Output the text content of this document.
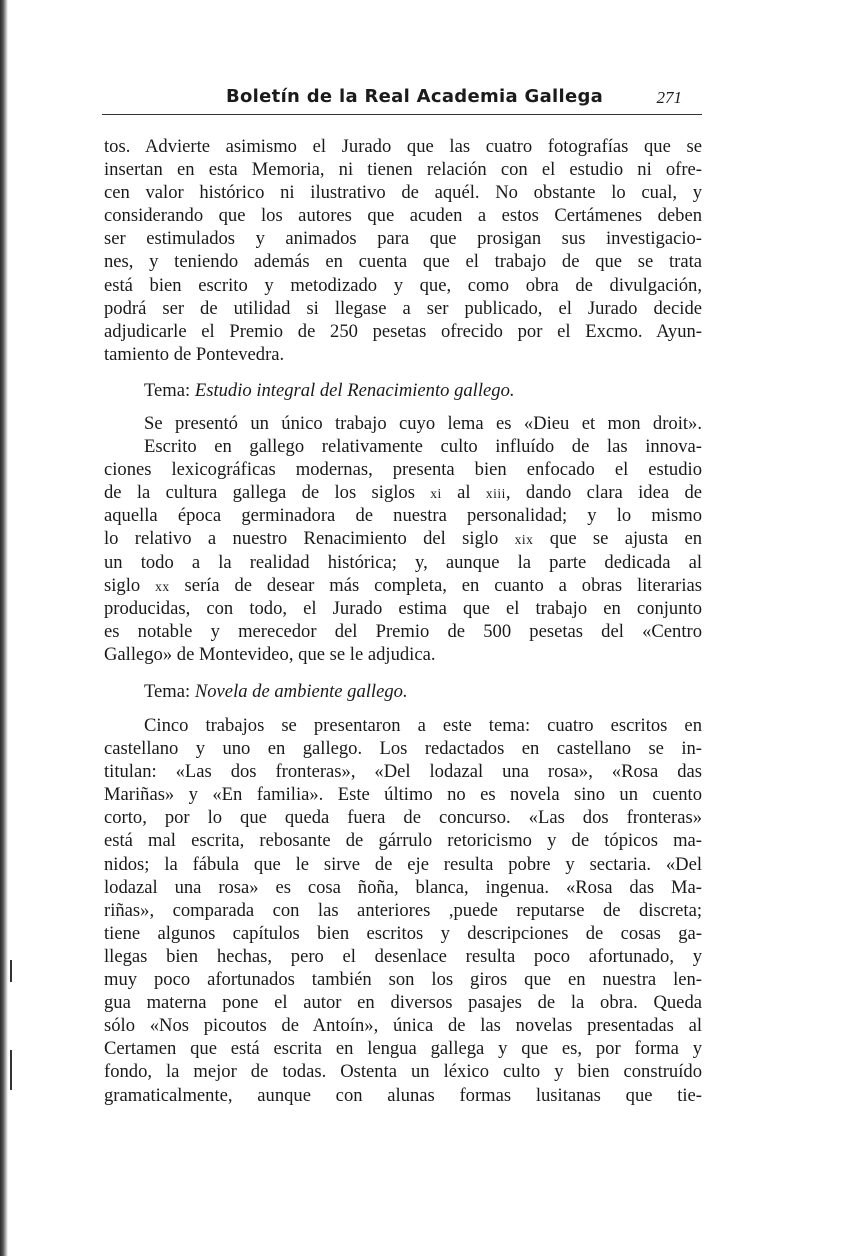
Boletín de la Real Academia Gallega	271
tos. Advierte asimismo el Jurado que las cuatro fotografías que se
insertan en esta Memoria, ni tienen relación con el estudio ni ofre-
cen valor histórico ni ilustrativo de aquél. No obstante lo cual, y
considerando que los autores que acuden a estos Certámenes deben
ser estimulados y animados para que prosigan sus investigacio-
nes, y teniendo además en cuenta que el trabajo de que se trata
está bien escrito y metodizado y que, como obra de divulgación,
podrá ser de utilidad si llegase a ser publicado, el Jurado decide
adjudicarle el Premio de 250 pesetas ofrecido por el Excmo. Ayun-
tamiento de Pontevedra.
Tema: Estudio integral del Renacimiento gallego.
Se presentó un único trabajo cuyo lema es «Dieu et mon droit».
Escrito en gallego relativamente culto influído de las innova-
ciones lexicográficas modernas, presenta bien enfocado el estudio
de la cultura gallega de los siglos xi al xiii, dando clara idea de
aquella época germinadora de nuestra personalidad; y lo mismo
lo relativo a nuestro Renacimiento del siglo xix que se ajusta en
un todo a la realidad histórica; y, aunque la parte dedicada al
siglo xx sería de desear más completa, en cuanto a obras literarias
producidas, con todo, el Jurado estima que el trabajo en conjunto
es notable y merecedor del Premio de 500 pesetas del «Centro
Gallego» de Montevideo, que se le adjudica.
Tema: Novela de ambiente gallego.
Cinco trabajos se presentaron a este tema: cuatro escritos en
castellano y uno en gallego. Los redactados en castellano se in-
titulan: «Las dos fronteras», «Del lodazal una rosa», «Rosa das
Mariñas» y «En familia». Este último no es novela sino un cuento
corto, por lo que queda fuera de concurso. «Las dos fronteras»
está mal escrita, rebosante de gárrulo retoricismo y de tópicos ma-
nidos; la fábula que le sirve de eje resulta pobre y sectaria. «Del
lodazal una rosa» es cosa ñoña, blanca, ingenua. «Rosa das Ma-
riñas», comparada con las anteriores ,puede reputarse de discreta;
tiene algunos capítulos bien escritos y descripciones de cosas ga-
llegas bien hechas, pero el desenlace resulta poco afortunado, y
muy poco afortunados también son los giros que en nuestra len-
gua materna pone el autor en diversos pasajes de la obra. Queda
sólo «Nos picoutos de Antoín», única de las novelas presentadas al
Certamen que está escrita en lengua gallega y que es, por forma y
fondo, la mejor de todas. Ostenta un léxico culto y bien construído
gramaticalmente, aunque con alunas formas lusitanas que tie-
